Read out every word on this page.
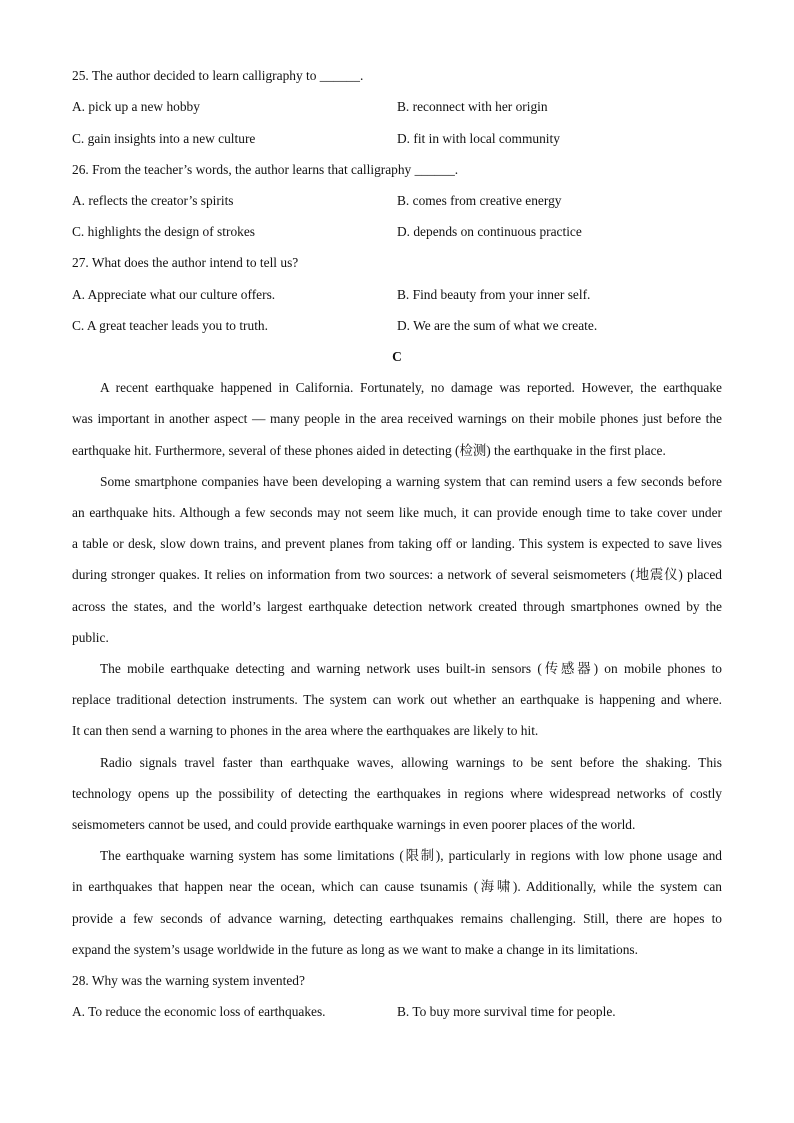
25. The author decided to learn calligraphy to ______.
A. pick up a new hobby	B. reconnect with her origin
C. gain insights into a new culture	D. fit in with local community
26. From the teacher’s words, the author learns that calligraphy ______.
A. reflects the creator’s spirits	B. comes from creative energy
C. highlights the design of strokes	D. depends on continuous practice
27. What does the author intend to tell us?
A. Appreciate what our culture offers.	B. Find beauty from your inner self.
C. A great teacher leads you to truth.	D. We are the sum of what we create.
C
A recent earthquake happened in California. Fortunately, no damage was reported. However, the earthquake
was important in another aspect — many people in the area received warnings on their mobile phones just before the
earthquake hit. Furthermore, several of these phones aided in detecting (检测) the earthquake in the first place.
Some smartphone companies have been developing a warning system that can remind users a few seconds before
an earthquake hits. Although a few seconds may not seem like much, it can provide enough time to take cover under
a table or desk, slow down trains, and prevent planes from taking off or landing. This system is expected to save lives
during stronger quakes. It relies on information from two sources: a network of several seismometers (地震仪) placed
across the states, and the world’s largest earthquake detection network created through smartphones owned by the
public.
The mobile earthquake detecting and warning network uses built-in sensors (传感器) on mobile phones to
replace traditional detection instruments. The system can work out whether an earthquake is happening and where.
It can then send a warning to phones in the area where the earthquakes are likely to hit.
Radio signals travel faster than earthquake waves, allowing warnings to be sent before the shaking. This
technology opens up the possibility of detecting the earthquakes in regions where widespread networks of costly
seismometers cannot be used, and could provide earthquake warnings in even poorer places of the world.
The earthquake warning system has some limitations (限制), particularly in regions with low phone usage and
in earthquakes that happen near the ocean, which can cause tsunamis (海啸). Additionally, while the system can
provide a few seconds of advance warning, detecting earthquakes remains challenging. Still, there are hopes to
expand the system’s usage worldwide in the future as long as we want to make a change in its limitations.
28. Why was the warning system invented?
A. To reduce the economic loss of earthquakes.	B. To buy more survival time for people.
